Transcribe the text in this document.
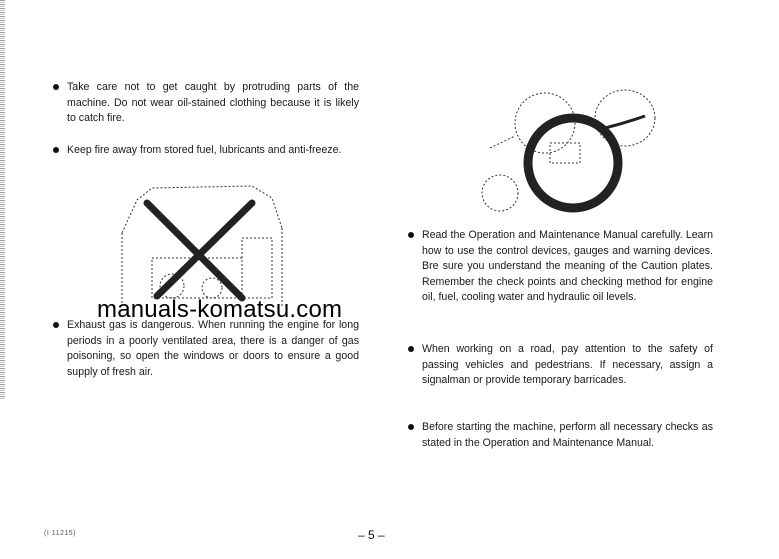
Take care not to get caught by protruding parts of the machine. Do not wear oil-stained clothing because it is likely to catch fire.

Keep fire away from stored fuel, lubricants and anti-freeze.

manuals-komatsu.com

Exhaust gas is dangerous. When running the engine for long periods in a poorly ventilated area, there is a danger of gas poisoning, so open the windows or doors to ensure a good supply of fresh air.

Read the Operation and Maintenance Manual carefully. Learn how to use the control devices, gauges and warning devices. Bre sure you understand the meaning of the Caution plates. Remember the check points and checking method for engine oil, fuel, cooling water and hydraulic oil levels.

When working on a road, pay attention to the safety of passing vehicles and pedestrians. If necessary, assign a signalman or provide temporary barricades.

Before starting the machine, perform all necessary checks as stated in the Operation and Maintenance Manual.

(I 11215)	– 5 –
